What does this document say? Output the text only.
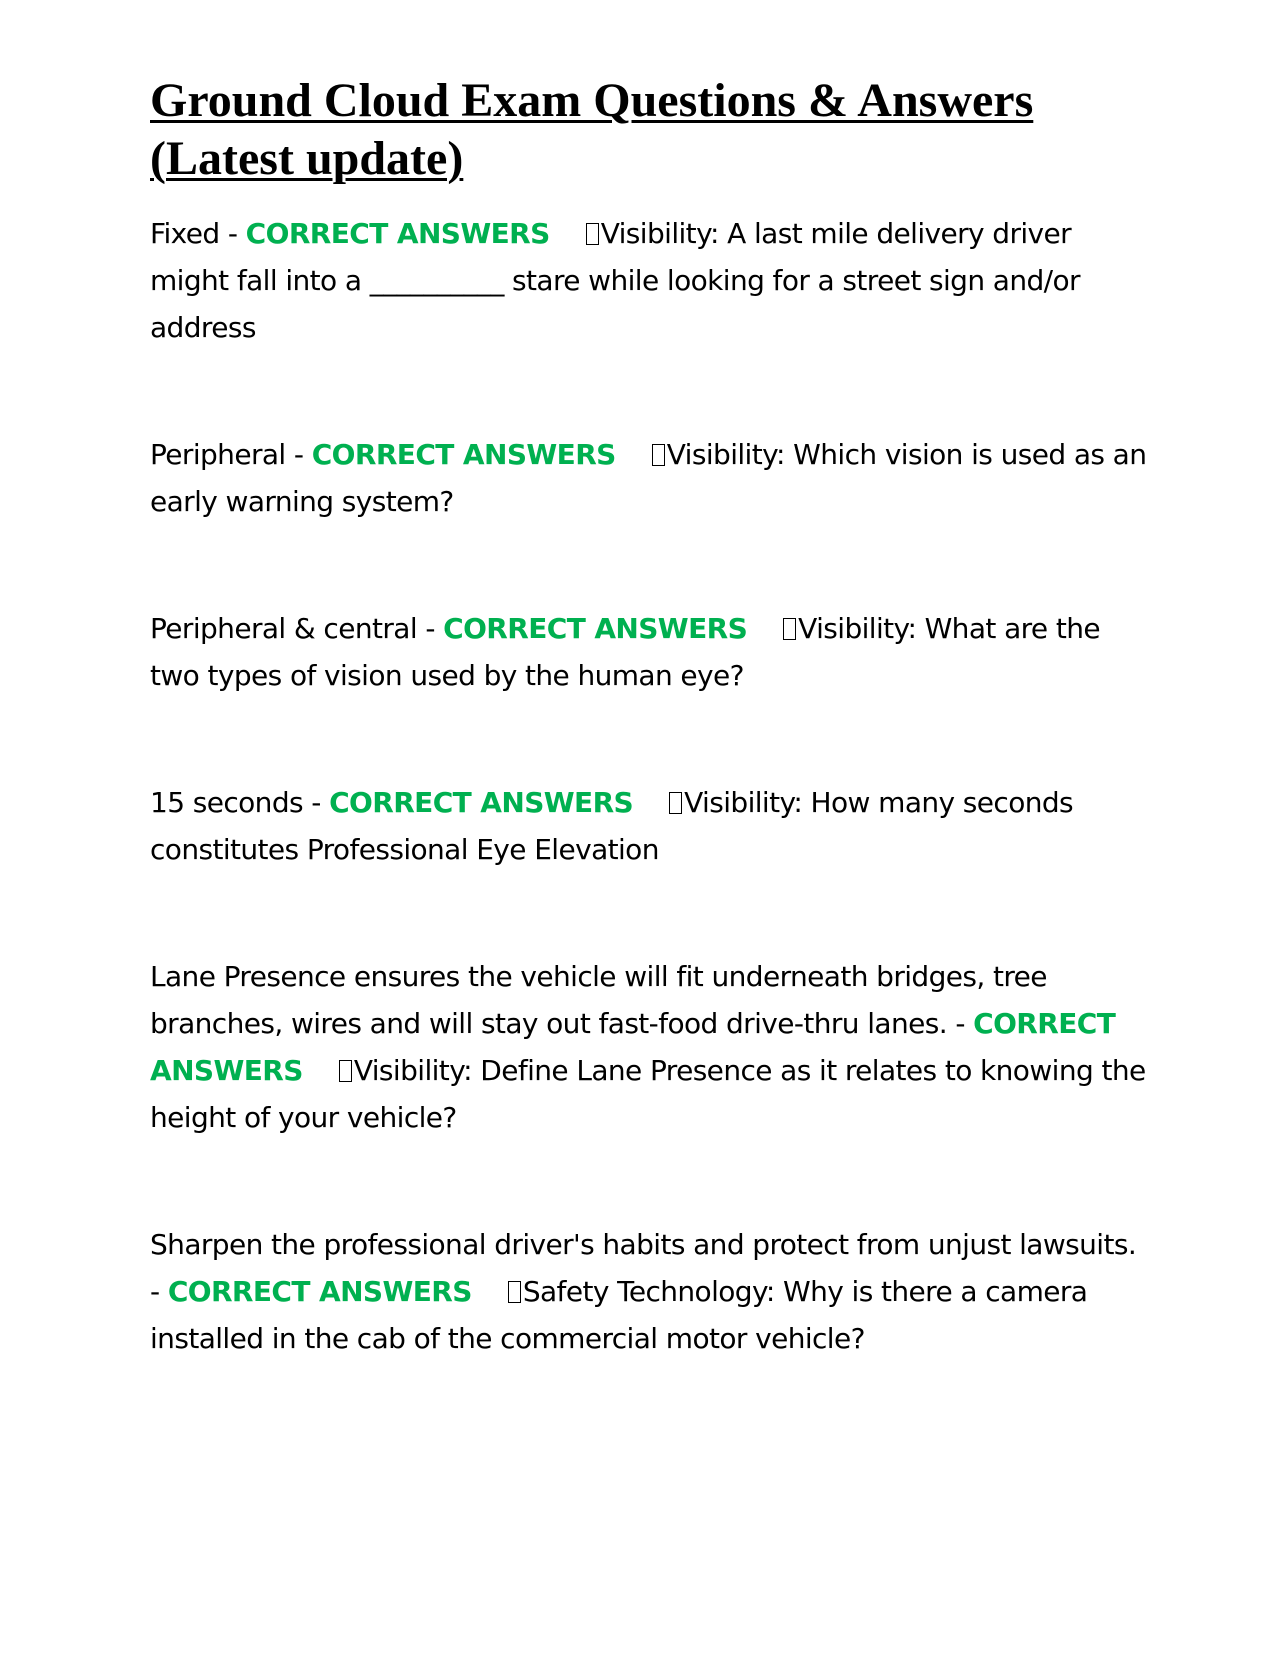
Ground Cloud Exam Questions & Answers
(Latest update)

Fixed - CORRECT ANSWERS Visibility: A last mile delivery driver might fall into a __________ stare while looking for a street sign and/or address

Peripheral - CORRECT ANSWERS Visibility: Which vision is used as an early warning system?

Peripheral & central - CORRECT ANSWERS Visibility: What are the two types of vision used by the human eye?

15 seconds - CORRECT ANSWERS Visibility: How many seconds constitutes Professional Eye Elevation

Lane Presence ensures the vehicle will fit underneath bridges, tree branches, wires and will stay out fast-food drive-thru lanes. - CORRECT ANSWERS Visibility: Define Lane Presence as it relates to knowing the height of your vehicle?

Sharpen the professional driver's habits and protect from unjust lawsuits. - CORRECT ANSWERS Safety Technology: Why is there a camera installed in the cab of the commercial motor vehicle?
